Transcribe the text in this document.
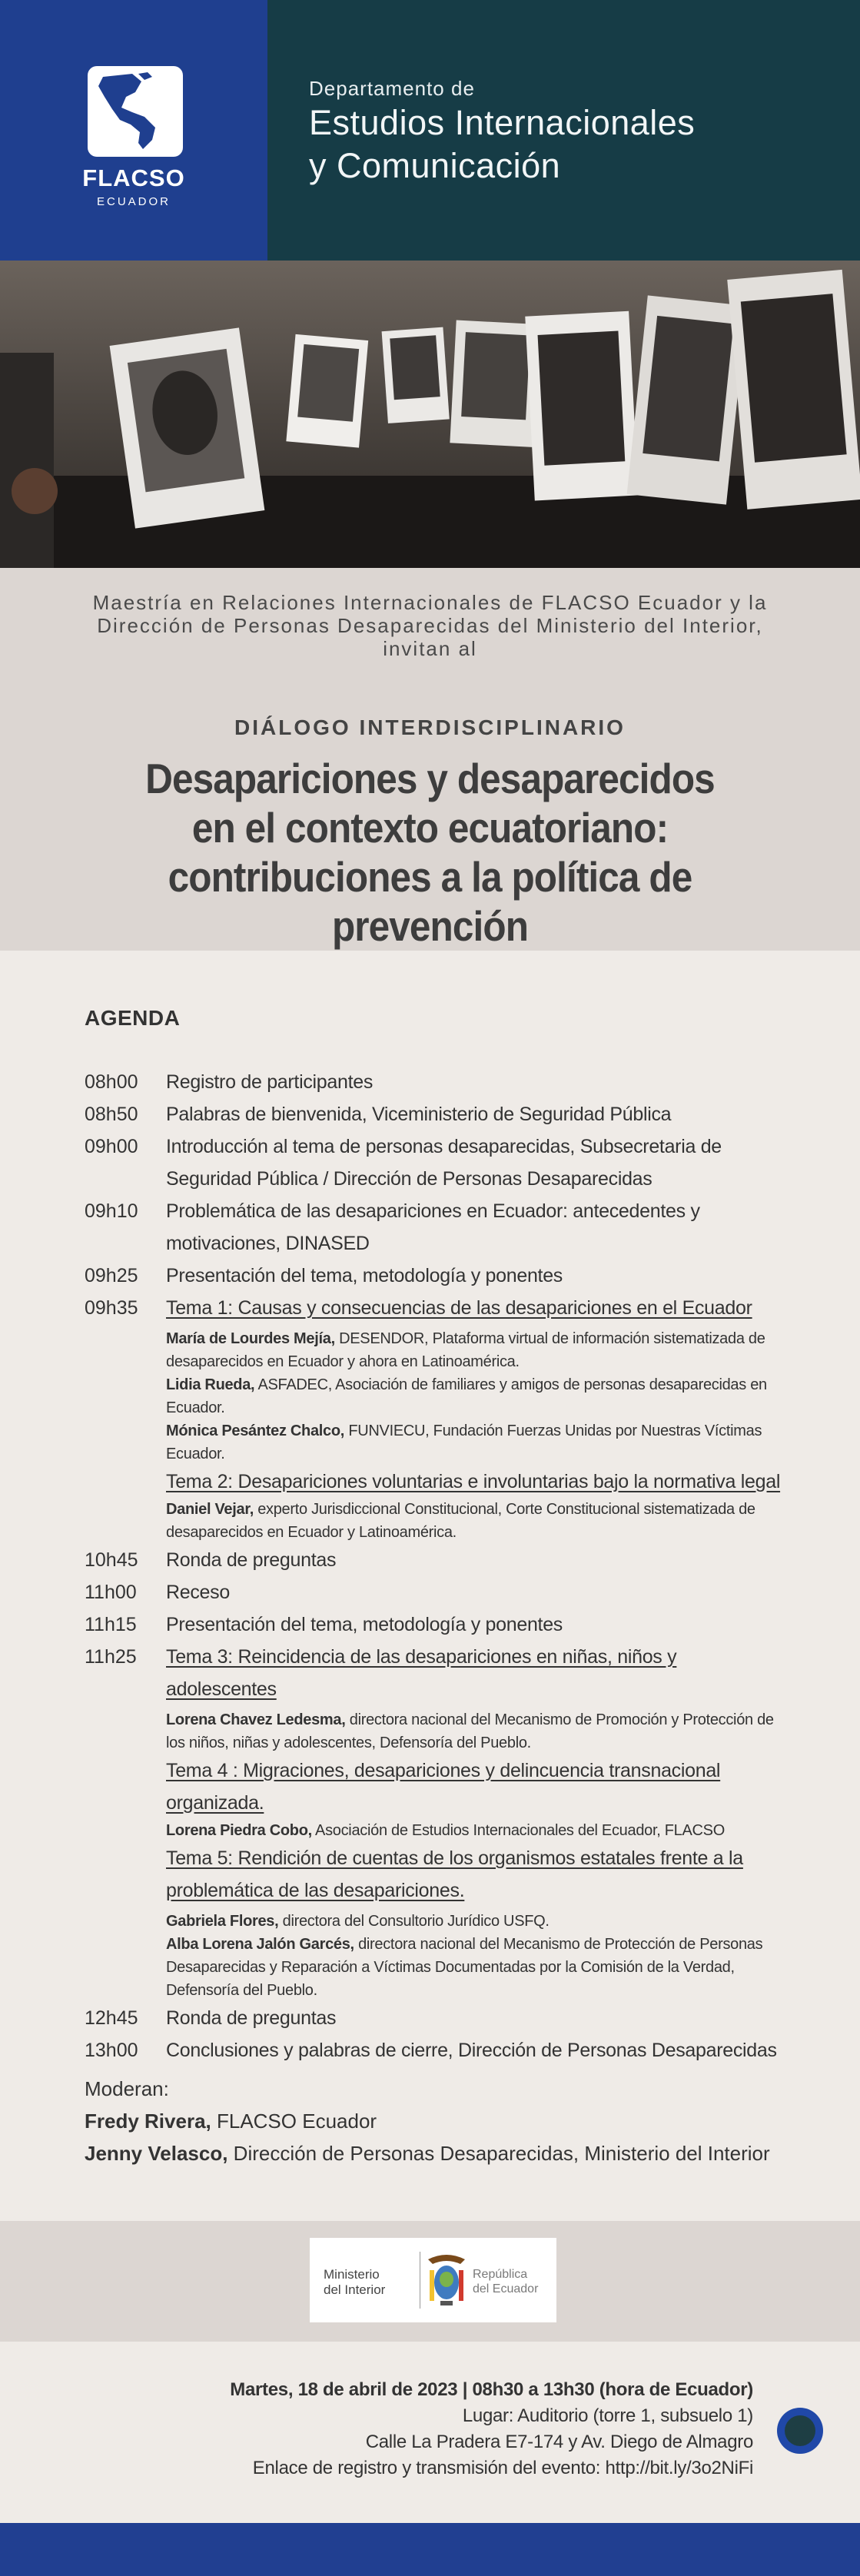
FLACSO
ECUADOR
Departamento de
Estudios Internacionales
y Comunicación
Maestría en Relaciones Internacionales de FLACSO Ecuador y la
Dirección de Personas Desaparecidas del Ministerio del Interior,
invitan al
DIÁLOGO INTERDISCIPLINARIO
Desapariciones y desaparecidos
en el contexto ecuatoriano:
contribuciones a la política de prevención
AGENDA
08h00	Registro de participantes
08h50	Palabras de bienvenida, Viceministerio de Seguridad Pública
09h00	Introducción al tema de personas desaparecidas, Subsecretaria de Seguridad Pública / Dirección de Personas Desaparecidas
09h10	Problemática de las desapariciones en Ecuador: antecedentes y motivaciones, DINASED
09h25	Presentación del tema, metodología y ponentes
09h35	Tema 1: Causas y consecuencias de las desapariciones en el Ecuador
María de Lourdes Mejía, DESENDOR, Plataforma virtual de información sistematizada de desaparecidos en Ecuador y ahora en Latinoamérica.
Lidia Rueda, ASFADEC, Asociación de familiares y amigos de personas desaparecidas en Ecuador.
Mónica Pesántez Chalco, FUNVIECU, Fundación Fuerzas Unidas por Nuestras Víctimas Ecuador.
Tema 2: Desapariciones voluntarias e involuntarias bajo la normativa legal
Daniel Vejar, experto Jurisdiccional Constitucional, Corte Constitucional sistematizada de desaparecidos en Ecuador y Latinoamérica.
10h45	Ronda de preguntas
11h00	Receso
11h15	Presentación del tema, metodología y ponentes
11h25	Tema 3: Reincidencia de las desapariciones en niñas, niños y adolescentes
Lorena Chavez Ledesma, directora nacional del Mecanismo de Promoción y Protección de los niños, niñas y adolescentes, Defensoría del Pueblo.
Tema 4 : Migraciones, desapariciones y delincuencia transnacional organizada.
Lorena Piedra Cobo, Asociación de Estudios Internacionales del Ecuador, FLACSO
Tema 5: Rendición de cuentas de los organismos estatales frente a la problemática de las desapariciones.
Gabriela Flores, directora del Consultorio Jurídico USFQ.
Alba Lorena Jalón Garcés, directora nacional del Mecanismo de Protección de Personas Desaparecidas y Reparación a Víctimas Documentadas por la Comisión de la Verdad, Defensoría del Pueblo.
12h45	Ronda de preguntas
13h00	Conclusiones y palabras de cierre, Dirección de Personas Desaparecidas
Moderan:
Fredy Rivera, FLACSO Ecuador
Jenny Velasco, Dirección de Personas Desaparecidas, Ministerio del Interior
Ministerio
del Interior
República
del Ecuador
Martes, 18 de abril de 2023 | 08h30 a 13h30 (hora de Ecuador)
Lugar: Auditorio (torre 1, subsuelo 1)
Calle La Pradera E7-174 y Av. Diego de Almagro
Enlace de registro y transmisión del evento: http://bit.ly/3o2NiFi
